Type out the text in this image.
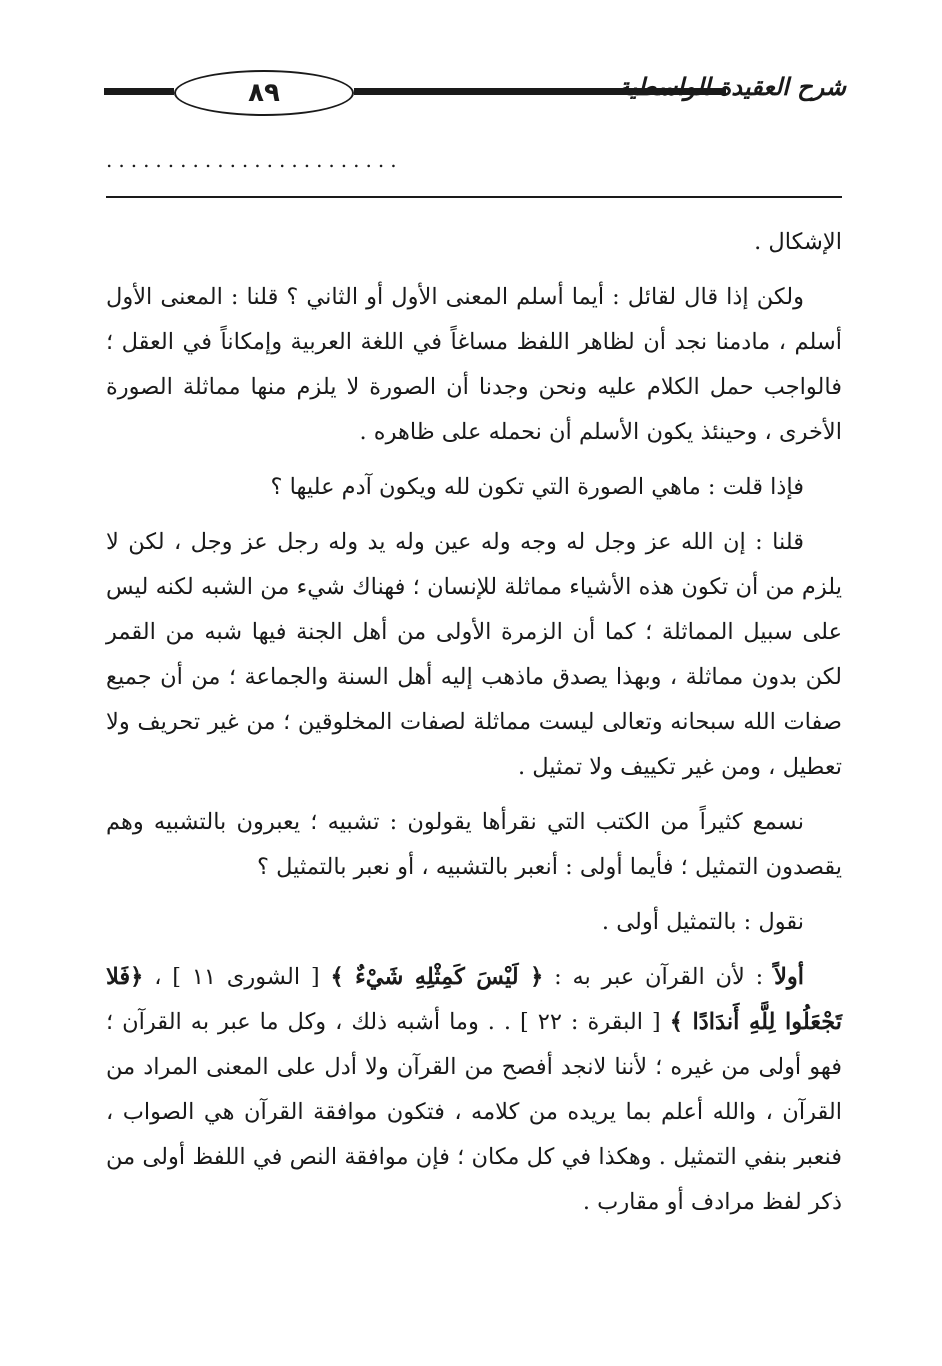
٨٩	شرح العقيدة الواسطية
........................

الإشكال .

ولكن إذا قال لقائل : أيما أسلم المعنى الأول أو الثاني ؟ قلنا : المعنى الأول أسلم ، مادمنا نجد أن لظاهر اللفظ مساغاً في اللغة العربية وإمكاناً في العقل ؛ فالواجب حمل الكلام عليه ونحن وجدنا أن الصورة لا يلزم منها مماثلة الصورة الأخرى ، وحينئذ يكون الأسلم أن نحمله على ظاهره .

فإذا قلت : ماهي الصورة التي تكون لله ويكون آدم عليها ؟

قلنا : إن الله عز وجل له وجه وله عين وله يد وله رجل عز وجل ، لكن لا يلزم من أن تكون هذه الأشياء مماثلة للإنسان ؛ فهناك شيء من الشبه لكنه ليس على سبيل المماثلة ؛ كما أن الزمرة الأولى من أهل الجنة فيها شبه من القمر لكن بدون مماثلة ، وبهذا يصدق ماذهب إليه أهل السنة والجماعة ؛ من أن جميع صفات الله سبحانه وتعالى ليست مماثلة لصفات المخلوقين ؛ من غير تحريف ولا تعطيل ، ومن غير تكييف ولا تمثيل .

نسمع كثيراً من الكتب التي نقرأها يقولون : تشبيه ؛ يعبرون بالتشبيه وهم يقصدون التمثيل ؛ فأيما أولى : أنعبر بالتشبيه ، أو نعبر بالتمثيل ؟

نقول : بالتمثيل أولى .

أولاً : لأن القرآن عبر به : ﴿ لَيْسَ كَمِثْلِهِ شَيْءٌ ﴾ [ الشورى ١١ ] ، ﴿فَلا تَجْعَلُوا لِلَّهِ أَندَادًا ﴾ [ البقرة : ٢٢ ] . . وما أشبه ذلك ، وكل ما عبر به القرآن ؛ فهو أولى من غيره ؛ لأننا لانجد أفصح من القرآن ولا أدل على المعنى المراد من القرآن ، والله أعلم بما يريده من كلامه ، فتكون موافقة القرآن هي الصواب ، فنعبر بنفي التمثيل . وهكذا في كل مكان ؛ فإن موافقة النص في اللفظ أولى من ذكر لفظ مرادف أو مقارب .
